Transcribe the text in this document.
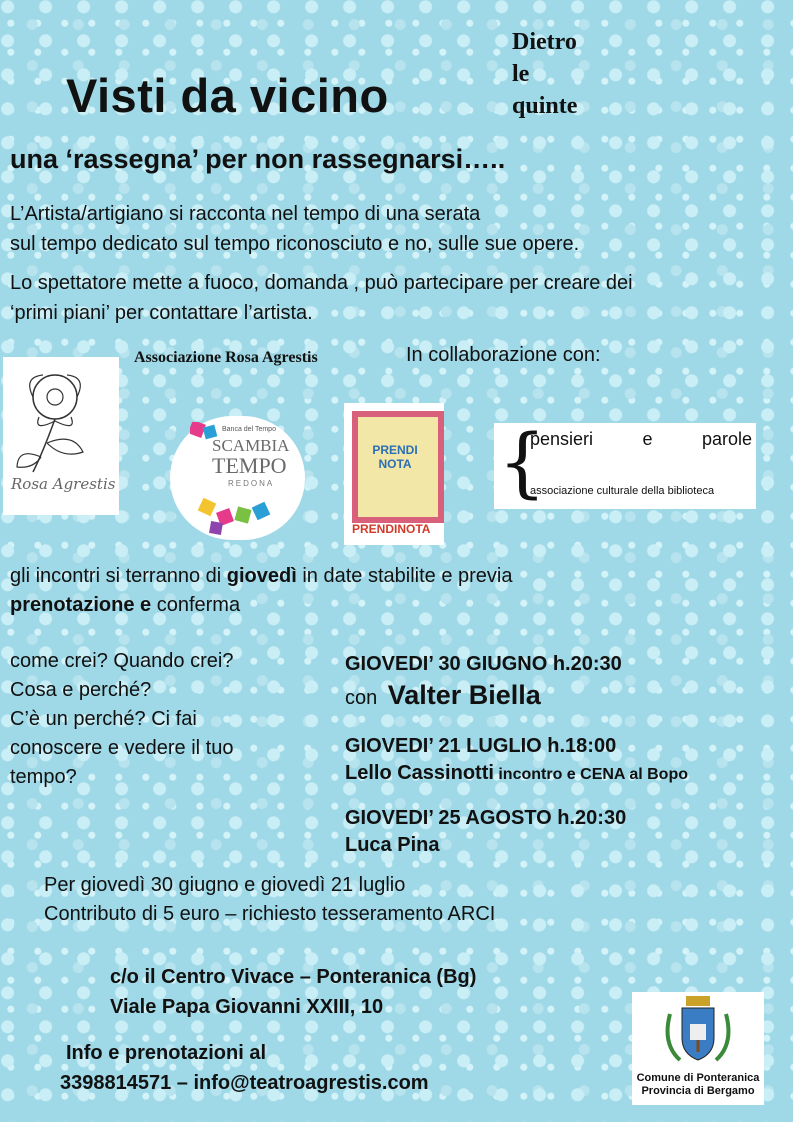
Visti da vicino
Dietro
le
quinte
una ‘rassegna’ per non rassegnarsi…..
L’Artista/artigiano si racconta nel tempo di una serata
sul tempo dedicato sul tempo riconosciuto e no, sulle sue opere.
Lo spettatore mette a fuoco, domanda , può partecipare per creare dei
‘primi piani’ per contattare l’artista.
Associazione Rosa Agrestis	In collaborazione con:
Rosa Agrestis
Banca del Tempo
SCAMBIA
TEMPO
REDONA
PRENDI NOTA
PRENDINOTA
{
pensieri	e	parole
associazione culturale della biblioteca
gli incontri si terranno di giovedì in date stabilite e previa
prenotazione e conferma
come crei? Quando crei?
Cosa e perché?
C’è un perché? Ci fai
conoscere e vedere il tuo
tempo?
GIOVEDI’ 30 GIUGNO h.20:30
con Valter Biella
GIOVEDI’ 21 LUGLIO h.18:00
Lello Cassinotti incontro e CENA al Bopo
GIOVEDI’ 25 AGOSTO h.20:30
Luca Pina
Per giovedì 30 giugno e giovedì 21 luglio
Contributo di 5 euro – richiesto tesseramento ARCI
c/o il Centro Vivace – Ponteranica (Bg)
Viale Papa Giovanni XXIII, 10
Info e prenotazioni al
3398814571 – info@teatroagrestis.com	Comune di Ponteranica
Provincia di Bergamo
